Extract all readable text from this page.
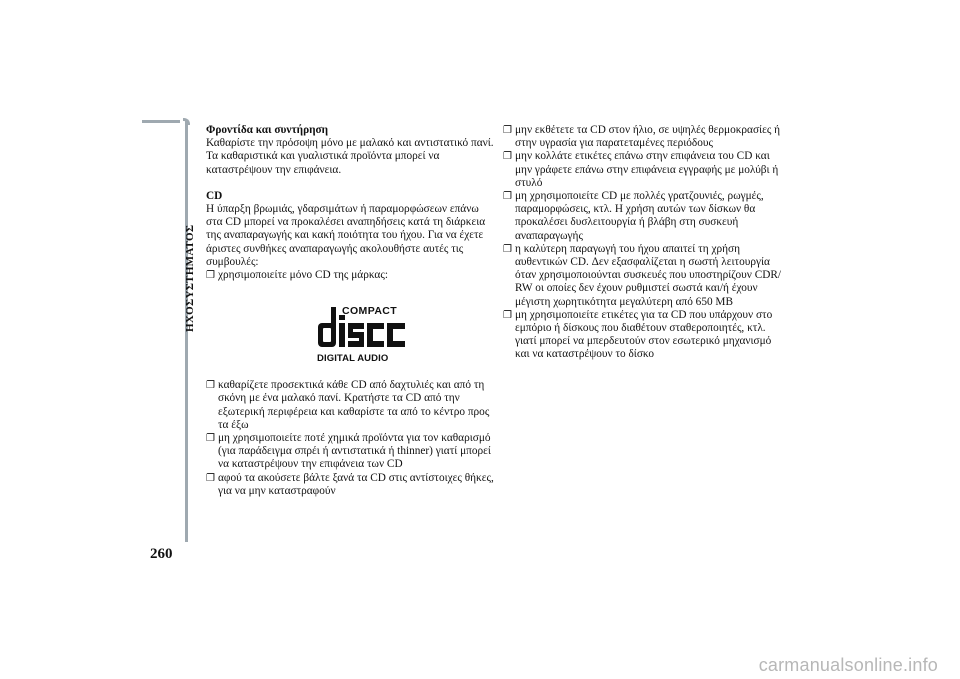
ΗΧΟΣΥΣΤΗΜΑΤΟΣ
260

Φροντίδα και συντήρηση

Καθαρίστε την πρόσοψη μόνο με μαλακό και αντιστατικό πανί. Τα καθαριστικά και γυαλιστικά προϊόντα μπορεί να καταστρέψουν την επιφάνεια.

CD

Η ύπαρξη βρωμιάς, γδαρσιμάτων ή παραμορφώσεων επάνω στα CD μπορεί να προκαλέσει αναπηδήσεις κατά τη διάρκεια της αναπαραγωγής και κακή ποιότητα του ήχου. Για να έχετε άριστες συνθήκες αναπαραγωγής ακολουθήστε αυτές τις συμβουλές:

❐ χρησιμοποιείτε μόνο CD της μάρκας:
COMPACT
DIGITAL AUDIO
❐ καθαρίζετε προσεκτικά κάθε CD από δαχτυλιές και από τη σκόνη με ένα μαλακό πανί. Κρατήστε τα CD από την εξωτερική περιφέρεια και καθαρίστε τα από το κέντρο προς τα έξω
❐ μη χρησιμοποιείτε ποτέ χημικά προϊόντα για τον καθαρισμό (για παράδειγμα σπρέι ή αντιστατικά ή thinner) γιατί μπορεί να καταστρέψουν την επιφάνεια των CD
❐ αφού τα ακούσετε βάλτε ξανά τα CD στις αντίστοιχες θήκες, για να μην καταστραφούν
❐ μην εκθέτετε τα CD στον ήλιο, σε υψηλές θερμοκρασίες ή στην υγρασία για παρατεταμένες περιόδους
❐ μην κολλάτε ετικέτες επάνω στην επιφάνεια του CD και μην γράφετε επάνω στην επιφάνεια εγγραφής με μολύβι ή στυλό
❐ μη χρησιμοποιείτε CD με πολλές γρατζουνιές, ρωγμές, παραμορφώσεις, κτλ. Η χρήση αυτών των δίσκων θα προκαλέσει δυσλειτουργία ή βλάβη στη συσκευή αναπαραγωγής
❐ η καλύτερη παραγωγή του ήχου απαιτεί τη χρήση αυθεντικών CD. Δεν εξασφαλίζεται η σωστή λειτουργία όταν χρησιμοποιούνται συσκευές που υποστηρίζουν CDR/ RW οι οποίες δεν έχουν ρυθμιστεί σωστά και/ή έχουν μέγιστη χωρητικότητα μεγαλύτερη από 650 MB
❐ μη χρησιμοποιείτε ετικέτες για τα CD που υπάρχουν στο εμπόριο ή δίσκους που διαθέτουν σταθεροποιητές, κτλ. γιατί μπορεί να μπερδευτούν στον εσωτερικό μηχανισμό και να καταστρέψουν το δίσκο
carmanualsonline.info
